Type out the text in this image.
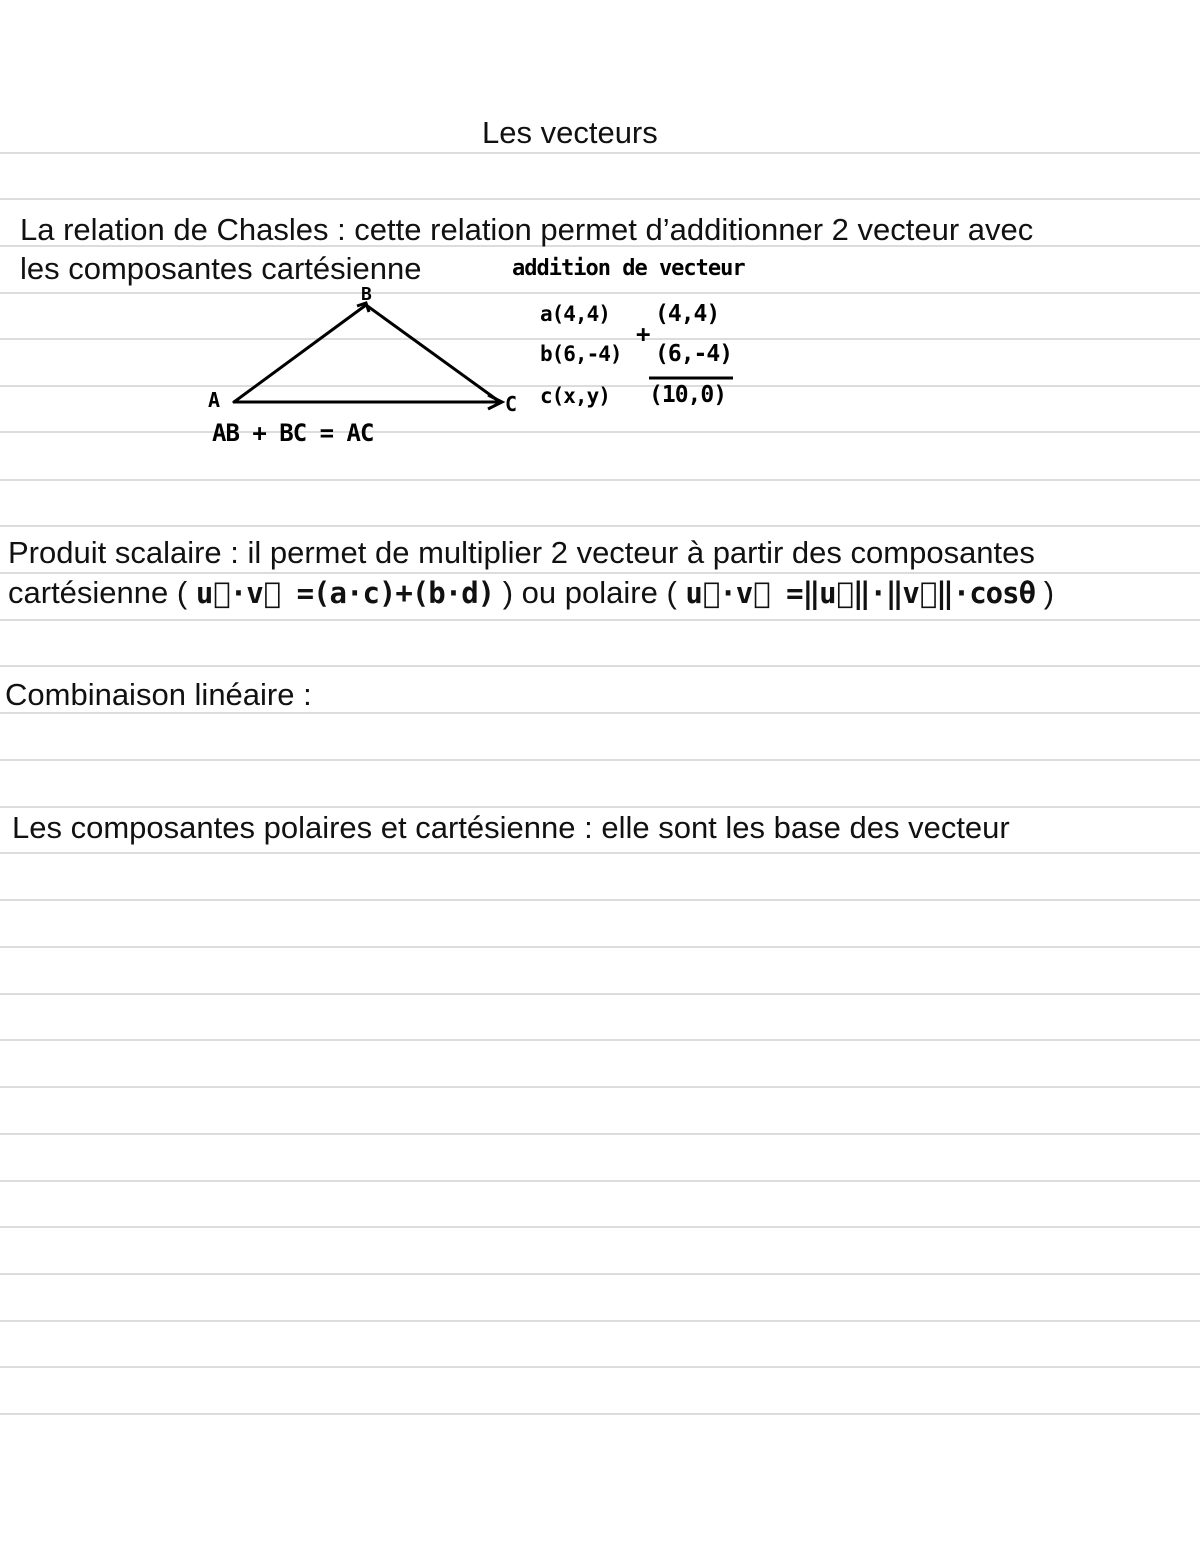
Les vecteurs
La relation de Chasles : cette relation permet d’additionner 2 vecteur avec
les composantes cartésienne
B
A	C
AB + BC = AC
addition de vecteur
a(4,4)
b(6,-4)
c(x,y)
+
(4,4)
(6,-4)
(10,0)
Produit scalaire : il permet de multiplier 2 vecteur à partir des composantes
cartésienne ( u⃗·v⃗ =(a·c)+(b·d) ) ou polaire ( u⃗·v⃗ =‖u⃗‖·‖v⃗‖·cosθ )
Combinaison linéaire :
Les composantes polaires et cartésienne : elle sont les base des vecteur
